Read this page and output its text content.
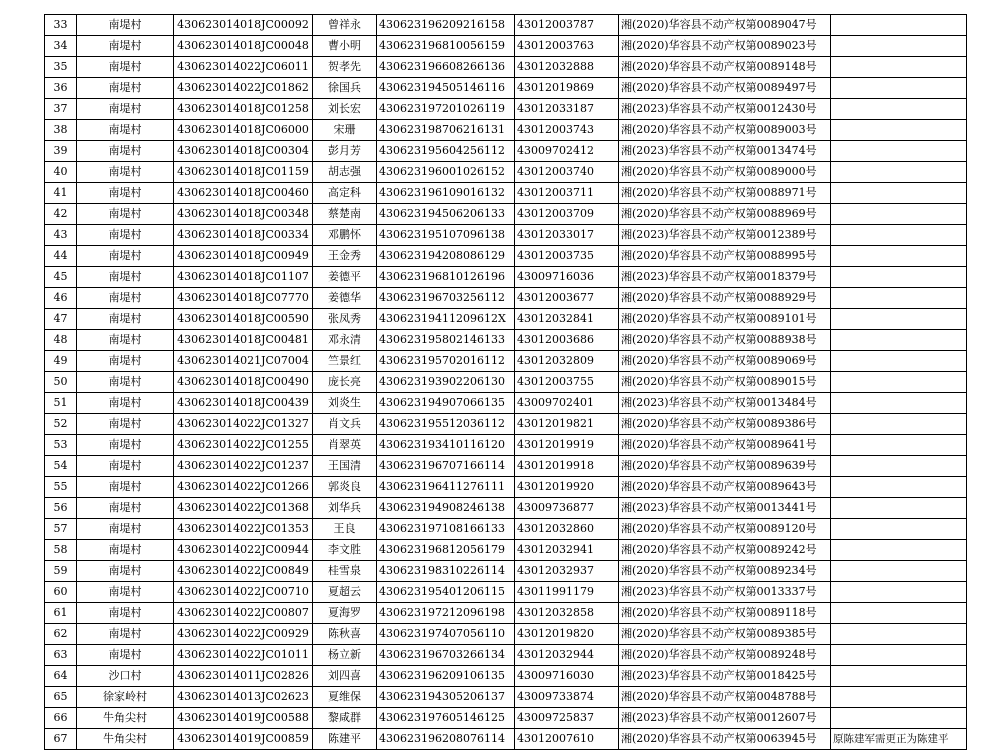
33	南堤村	430623014018JC00092	曾祥永	430623196209216158	43012003787	湘(2020)华容县不动产权第0089047号	
34	南堤村	430623014018JC00048	曹小明	430623196810056159	43012003763	湘(2020)华容县不动产权第0089023号	
35	南堤村	430623014022JC06011	贺孝先	430623196608266136	43012032888	湘(2020)华容县不动产权第0089148号	
36	南堤村	430623014022JC01862	徐国兵	430623194505146116	43012019869	湘(2020)华容县不动产权第0089497号	
37	南堤村	430623014018JC01258	刘长宏	430623197201026119	43012033187	湘(2023)华容县不动产权第0012430号	
38	南堤村	430623014018JC06000	宋珊	430623198706216131	43012003743	湘(2020)华容县不动产权第0089003号	
39	南堤村	430623014018JC00304	彭月芳	430623195604256112	43009702412	湘(2023)华容县不动产权第0013474号	
40	南堤村	430623014018JC01159	胡志强	430623196001026152	43012003740	湘(2020)华容县不动产权第0089000号	
41	南堤村	430623014018JC00460	高定科	430623196109016132	43012003711	湘(2020)华容县不动产权第0088971号	
42	南堤村	430623014018JC00348	蔡楚南	430623194506206133	43012003709	湘(2020)华容县不动产权第0088969号	
43	南堤村	430623014018JC00334	邓鹏怀	430623195107096138	43012033017	湘(2023)华容县不动产权第0012389号	
44	南堤村	430623014018JC00949	王金秀	430623194208086129	43012003735	湘(2020)华容县不动产权第0088995号	
45	南堤村	430623014018JC01107	姜德平	430623196810126196	43009716036	湘(2023)华容县不动产权第0018379号	
46	南堤村	430623014018JC07770	姜德华	430623196703256112	43012003677	湘(2020)华容县不动产权第0088929号	
47	南堤村	430623014018JC00590	张凤秀	43062319411209612X	43012032841	湘(2020)华容县不动产权第0089101号	
48	南堤村	430623014018JC00481	邓永清	430623195802146133	43012003686	湘(2020)华容县不动产权第0088938号	
49	南堤村	430623014021JC07004	竺景红	430623195702016112	43012032809	湘(2020)华容县不动产权第0089069号	
50	南堤村	430623014018JC00490	庞长亮	430623193902206130	43012003755	湘(2020)华容县不动产权第0089015号	
51	南堤村	430623014018JC00439	刘炎生	430623194907066135	43009702401	湘(2023)华容县不动产权第0013484号	
52	南堤村	430623014022JC01327	肖文兵	430623195512036112	43012019821	湘(2020)华容县不动产权第0089386号	
53	南堤村	430623014022JC01255	肖翠英	430623193410116120	43012019919	湘(2020)华容县不动产权第0089641号	
54	南堤村	430623014022JC01237	王国清	430623196707166114	43012019918	湘(2020)华容县不动产权第0089639号	
55	南堤村	430623014022JC01266	郭炎良	430623196411276111	43012019920	湘(2020)华容县不动产权第0089643号	
56	南堤村	430623014022JC01368	刘华兵	430623194908246138	43009736877	湘(2023)华容县不动产权第0013441号	
57	南堤村	430623014022JC01353	王良	430623197108166133	43012032860	湘(2020)华容县不动产权第0089120号	
58	南堤村	430623014022JC00944	李文胜	430623196812056179	43012032941	湘(2020)华容县不动产权第0089242号	
59	南堤村	430623014022JC00849	桂雪泉	430623198310226114	43012032937	湘(2020)华容县不动产权第0089234号	
60	南堤村	430623014022JC00710	夏超云	430623195401206115	43011991179	湘(2023)华容县不动产权第0013337号	
61	南堤村	430623014022JC00807	夏海罗	430623197212096198	43012032858	湘(2020)华容县不动产权第0089118号	
62	南堤村	430623014022JC00929	陈秋喜	430623197407056110	43012019820	湘(2020)华容县不动产权第0089385号	
63	南堤村	430623014022JC01011	杨立新	430623196703266134	43012032944	湘(2020)华容县不动产权第0089248号	
64	沙口村	430623014011JC02826	刘四喜	430623196209106135	43009716030	湘(2023)华容县不动产权第0018425号	
65	徐家岭村	430623014013JC02623	夏维保	430623194305206137	43009733874	湘(2020)华容县不动产权第0048788号	
66	牛角尖村	430623014019JC00588	黎咸群	430623197605146125	43009725837	湘(2023)华容县不动产权第0012607号	
67	牛角尖村	430623014019JC00859	陈建平	430623196208076114	43012007610	湘(2020)华容县不动产权第0063945号	原陈建军需更正为陈建平
